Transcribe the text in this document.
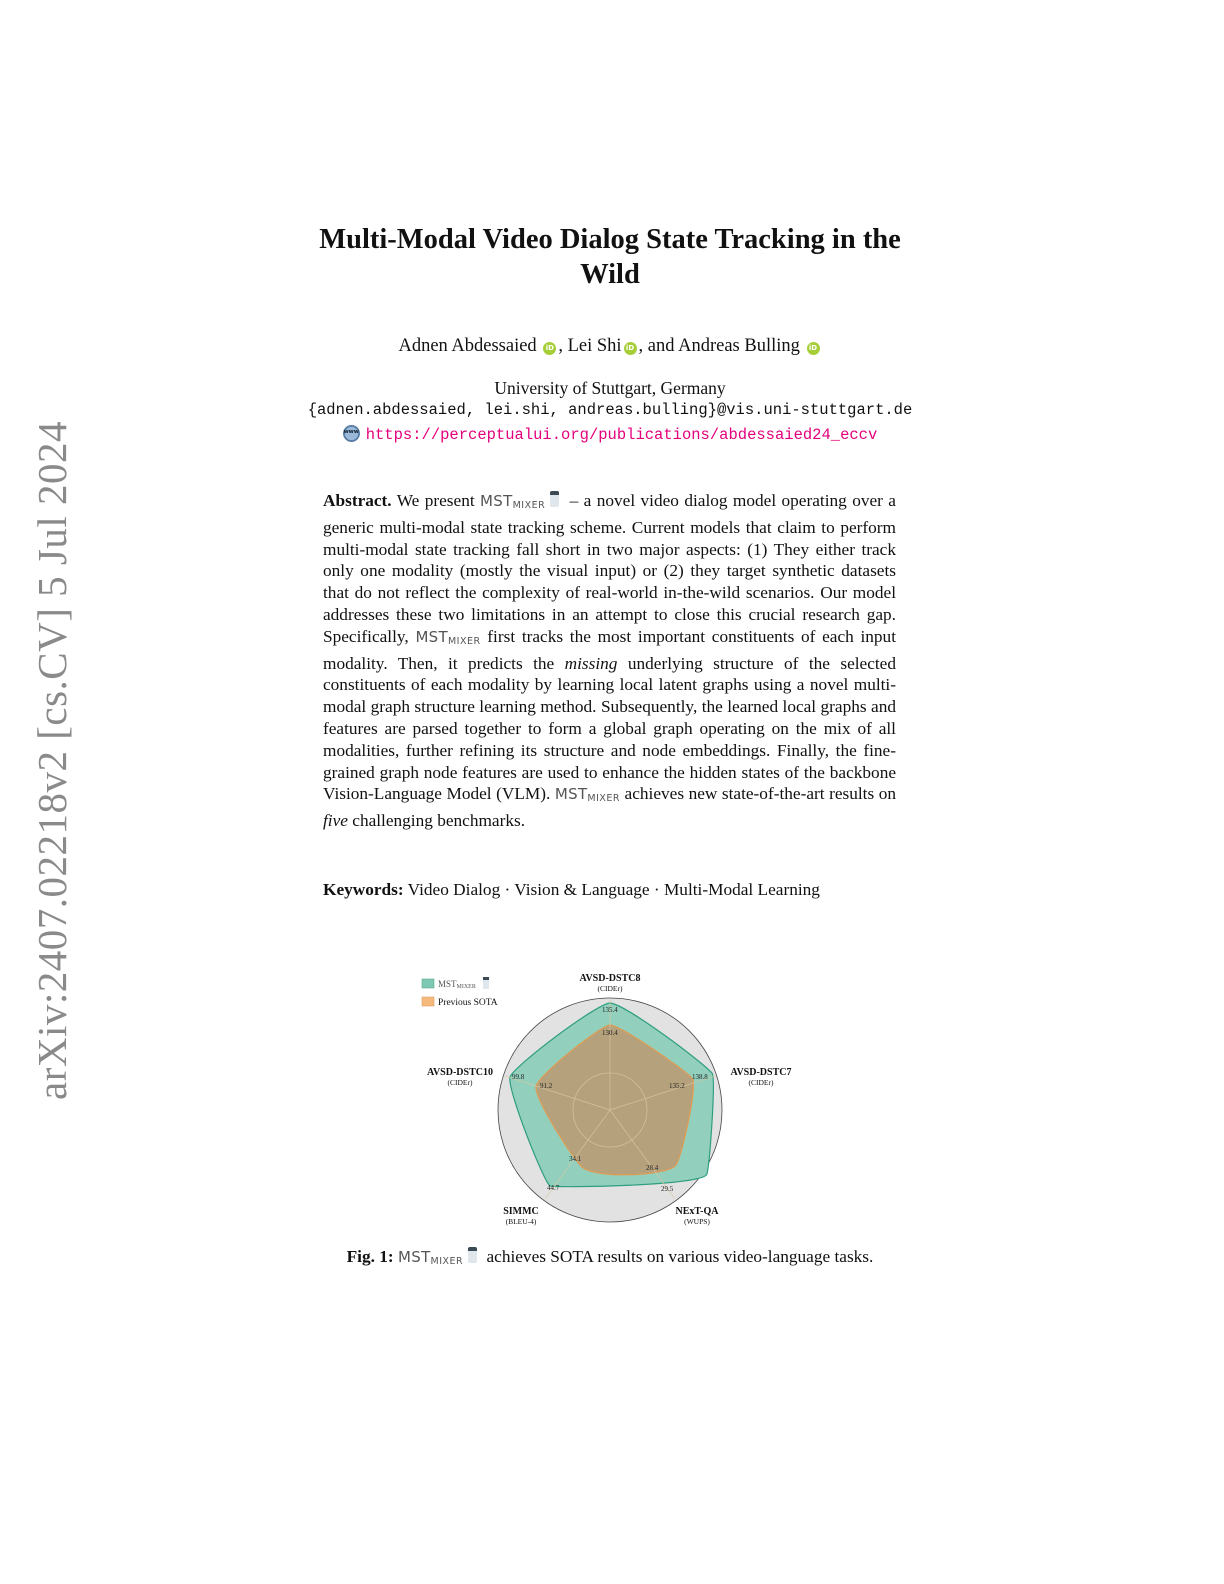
arXiv:2407.02218v2 [cs.CV] 5 Jul 2024
Multi-Modal Video Dialog State Tracking in the
Wild
Adnen Abdessaied iD , Lei Shi iD , and Andreas Bulling iD
University of Stuttgart, Germany
{adnen.abdessaied, lei.shi, andreas.bulling}@vis.uni-stuttgart.de
wwwhttps://perceptualui.org/publications/abdessaied24_eccv
Abstract. We present $MST_{MIXER}$ – a novel video dialog model operating over a generic multi-modal state tracking scheme. Current models that claim to perform multi-modal state tracking fall short in two major aspects: (1) They either track only one modality (mostly the visual input) or (2) they target synthetic datasets that do not reflect the complexity of real-world in-the-wild scenarios. Our model addresses these two limitations in an attempt to close this crucial research gap. Specifically, $MST_{MIXER}$ first tracks the most important constituents of each input modality. Then, it predicts the missing underlying structure of the selected constituents of each modality by learning local latent graphs using a novel multi-modal graph structure learning method. Subsequently, the learned local graphs and features are parsed together to form a global graph operating on the mix of all modalities, further refining its structure and node embeddings. Finally, the fine-grained graph node features are used to enhance the hidden states of the backbone Vision-Language Model (VLM). $MST_{MIXER}$ achieves new state-of-the-art results on five challenging benchmarks.
Keywords: Video Dialog · Vision & Language · Multi-Modal Learning
MSTMIXER
Previous SOTA
135.4
130.4
138.8
135.2
29.5
28.4
44.7
34.1
99.8
91.2
AVSD-DSTC8
(CIDEr)
AVSD-DSTC7
(CIDEr)
NExT-QA
(WUPS)
SIMMC
(BLEU-4)
AVSD-DSTC10
(CIDEr)
Fig. 1: $MST_{MIXER}$ achieves SOTA results on various video-language tasks.
